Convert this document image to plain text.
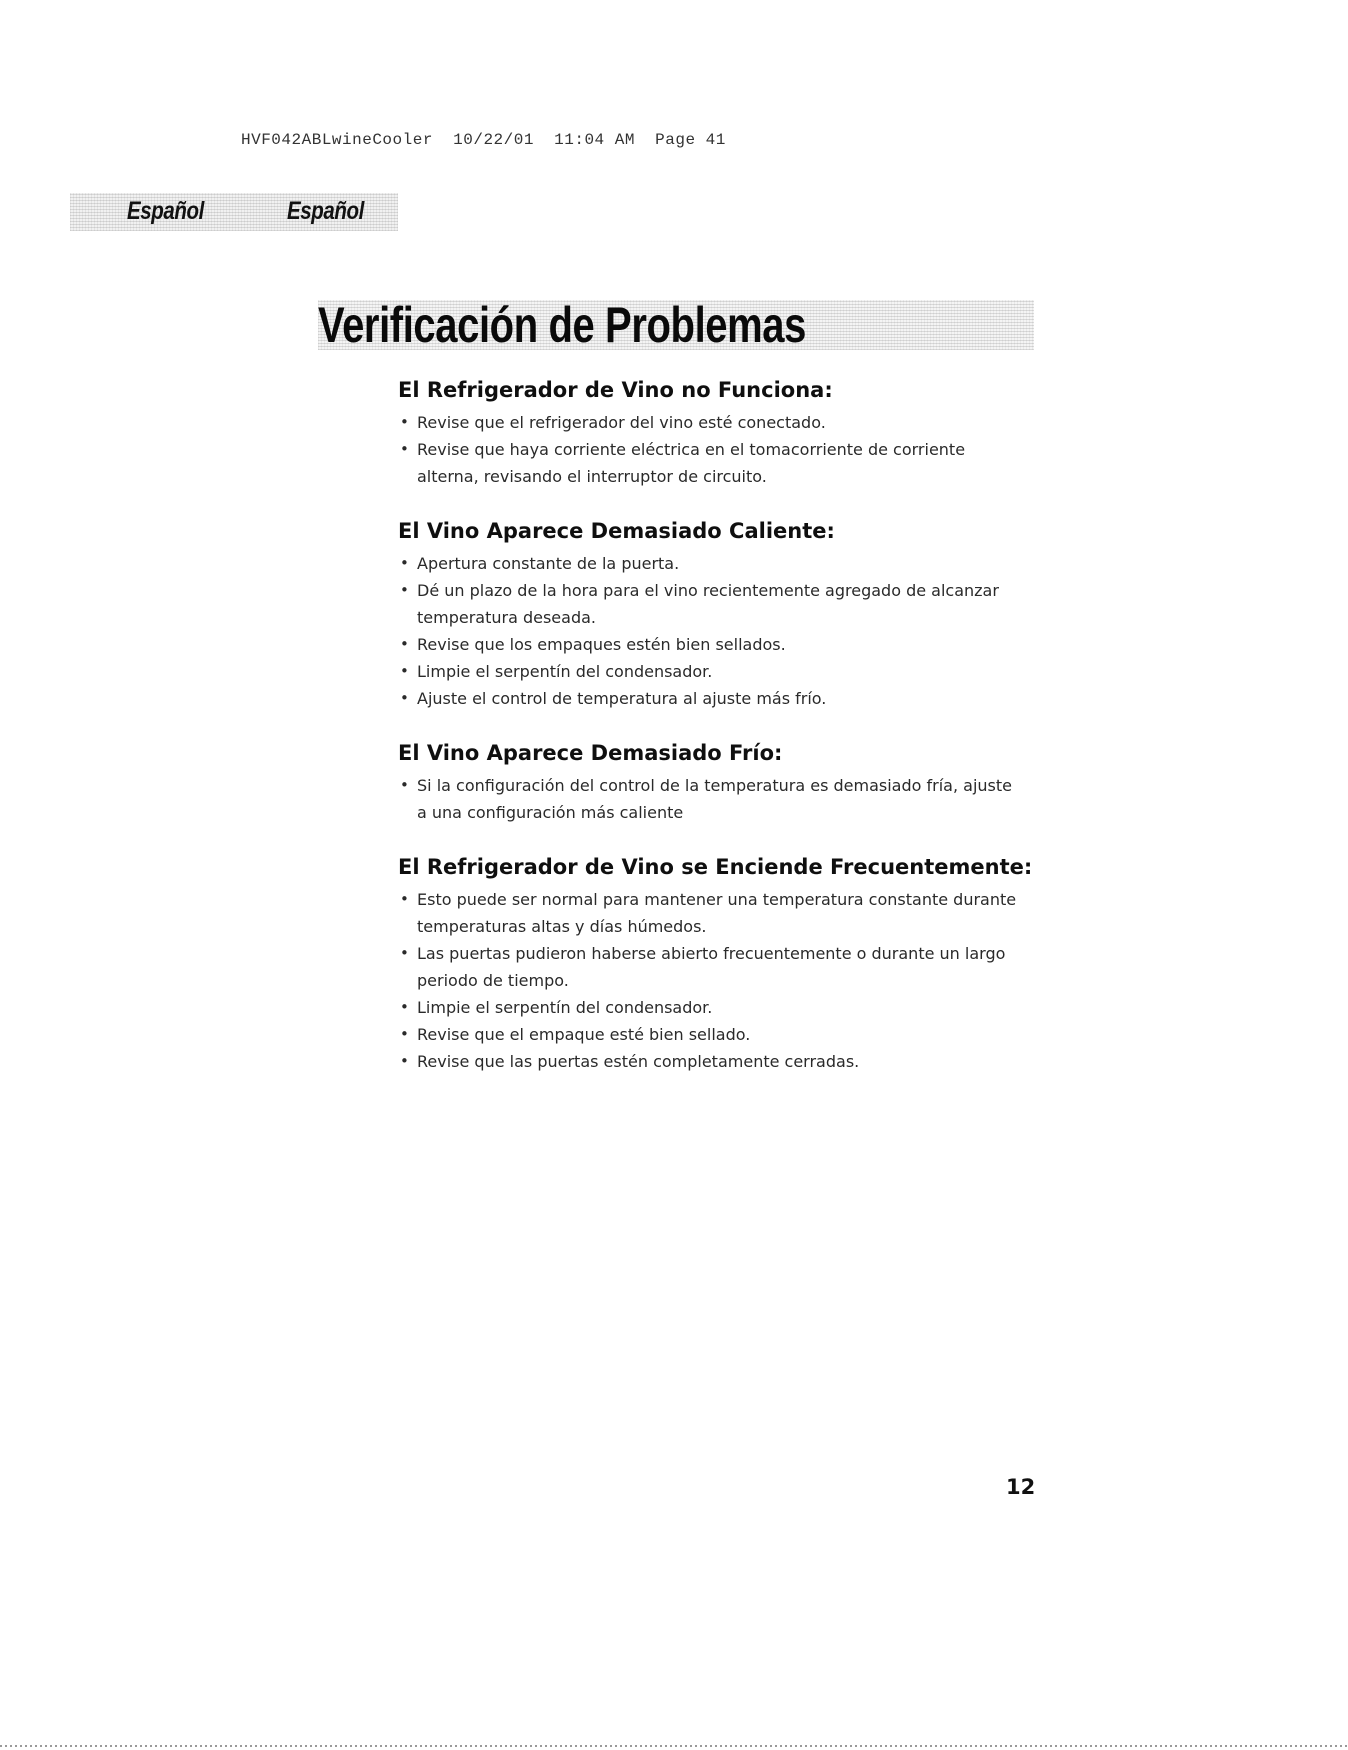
HVF042ABLwineCooler  10/22/01  11:04 AM  Page 41
Español	Español
Verificación de Problemas
El Refrigerador de Vino no Funciona:
• Revise que el refrigerador del vino esté conectado.
• Revise que haya corriente eléctrica en el tomacorriente de corriente alterna, revisando el interruptor de circuito.
El Vino Aparece Demasiado Caliente:
• Apertura constante de la puerta.
• Dé un plazo de la hora para el vino recientemente agregado de alcanzar temperatura deseada.
• Revise que los empaques estén bien sellados.
• Limpie el serpentín del condensador.
• Ajuste el control de temperatura al ajuste más frío.
El Vino Aparece Demasiado Frío:
• Si la configuración del control de la temperatura es demasiado fría, ajuste a una configuración más caliente
El Refrigerador de Vino se Enciende Frecuentemente:
• Esto puede ser normal para mantener una temperatura constante durante temperaturas altas y días húmedos.
• Las puertas pudieron haberse abierto frecuentemente o durante un largo periodo de tiempo.
• Limpie el serpentín del condensador.
• Revise que el empaque esté bien sellado.
• Revise que las puertas estén completamente cerradas.
12
